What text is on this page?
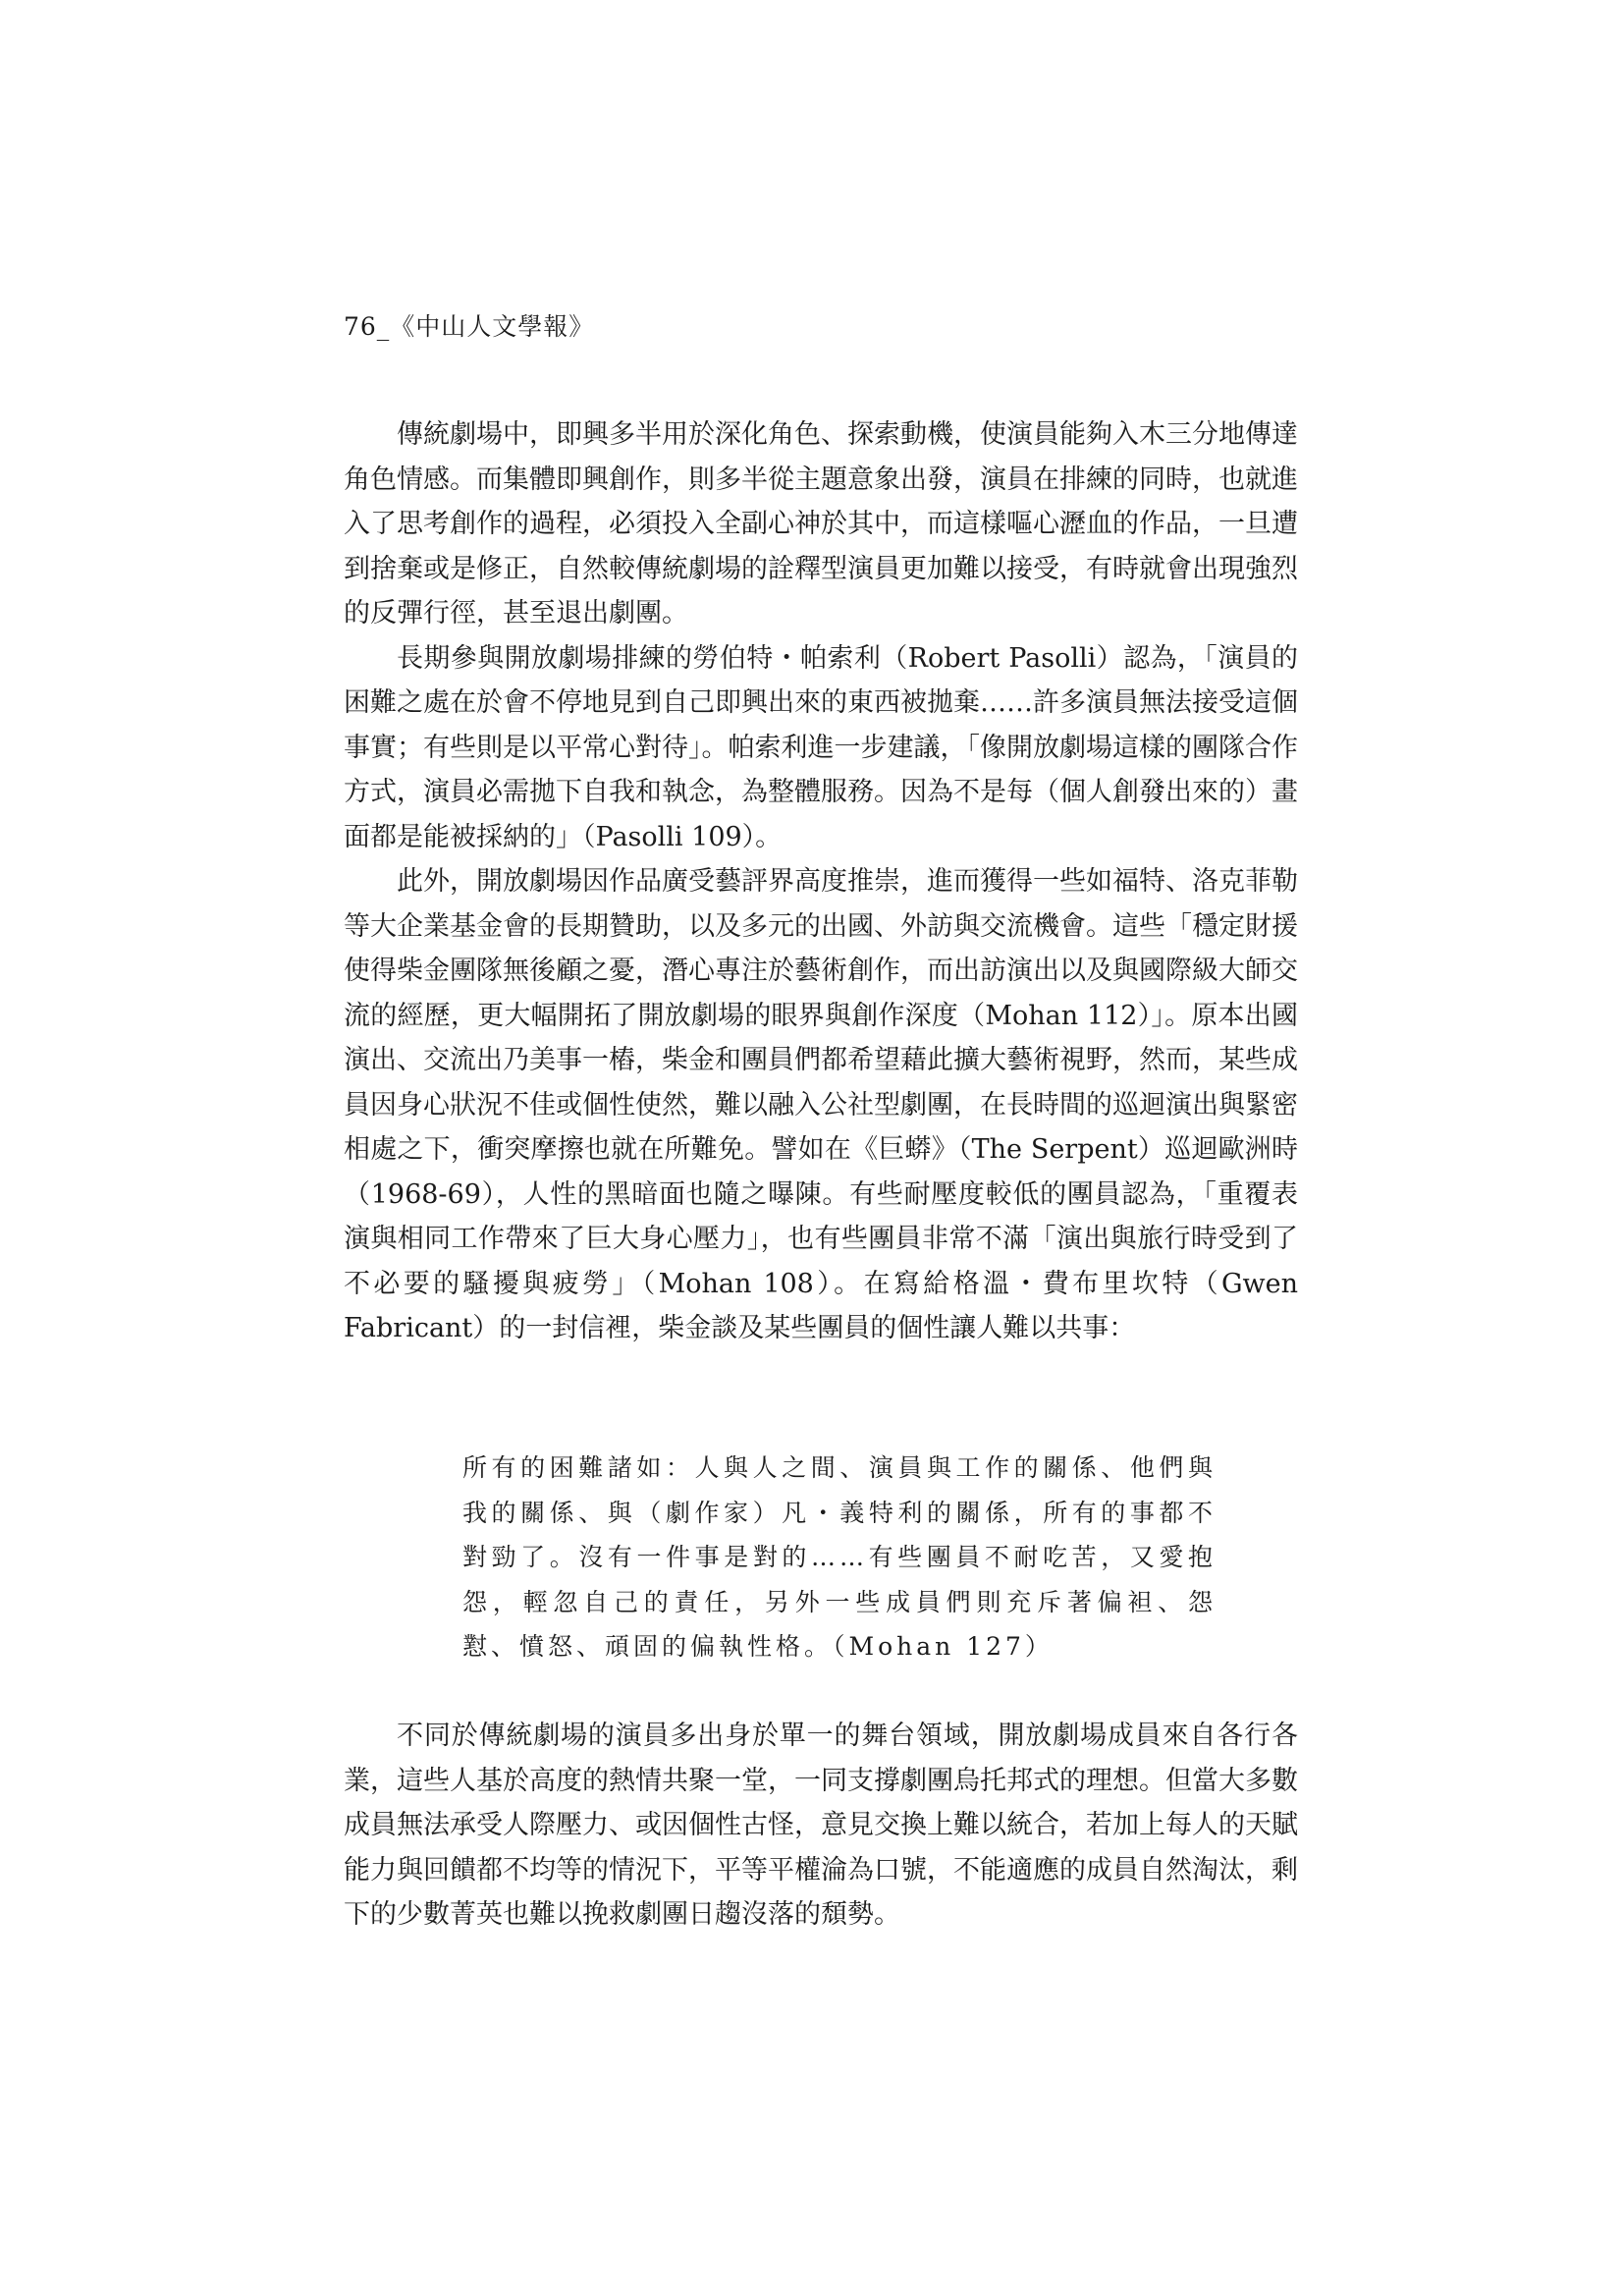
76_《中山人文學報》

傳統劇場中，即興多半用於深化角色、探索動機，使演員能夠入木三分地傳達角色情感。而集體即興創作，則多半從主題意象出發，演員在排練的同時，也就進入了思考創作的過程，必須投入全副心神於其中，而這樣嘔心瀝血的作品，一旦遭到捨棄或是修正，自然較傳統劇場的詮釋型演員更加難以接受，有時就會出現強烈的反彈行徑，甚至退出劇團。

長期參與開放劇場排練的勞伯特・帕索利（Robert Pasolli）認為，「演員的困難之處在於會不停地見到自己即興出來的東西被拋棄……許多演員無法接受這個事實；有些則是以平常心對待」。帕索利進一步建議，「像開放劇場這樣的團隊合作方式，演員必需拋下自我和執念，為整體服務。因為不是每（個人創發出來的）畫面都是能被採納的」（Pasolli 109）。

此外，開放劇場因作品廣受藝評界高度推崇，進而獲得一些如福特、洛克菲勒等大企業基金會的長期贊助，以及多元的出國、外訪與交流機會。這些「穩定財援使得柴金團隊無後顧之憂，潛心專注於藝術創作，而出訪演出以及與國際級大師交流的經歷，更大幅開拓了開放劇場的眼界與創作深度（Mohan 112）」。原本出國演出、交流出乃美事一樁，柴金和團員們都希望藉此擴大藝術視野，然而，某些成員因身心狀況不佳或個性使然，難以融入公社型劇團，在長時間的巡迴演出與緊密相處之下，衝突摩擦也就在所難免。譬如在《巨蟒》（The Serpent）巡迴歐洲時（1968-69），人性的黑暗面也隨之曝陳。有些耐壓度較低的團員認為，「重覆表演與相同工作帶來了巨大身心壓力」，也有些團員非常不滿「演出與旅行時受到了不必要的騷擾與疲勞」（Mohan 108）。在寫給格溫・費布里坎特（Gwen Fabricant）的一封信裡，柴金談及某些團員的個性讓人難以共事：

所有的困難諸如：人與人之間、演員與工作的關係、他們與我的關係、與（劇作家）凡・義特利的關係，所有的事都不對勁了。沒有一件事是對的……有些團員不耐吃苦，又愛抱怨，輕忽自己的責任，另外一些成員們則充斥著偏袒、怨懟、憤怒、頑固的偏執性格。（Mohan 127）

不同於傳統劇場的演員多出身於單一的舞台領域，開放劇場成員來自各行各業，這些人基於高度的熱情共聚一堂，一同支撐劇團烏托邦式的理想。但當大多數成員無法承受人際壓力、或因個性古怪，意見交換上難以統合，若加上每人的天賦能力與回饋都不均等的情況下，平等平權淪為口號，不能適應的成員自然淘汰，剩下的少數菁英也難以挽救劇團日趨沒落的頹勢。
